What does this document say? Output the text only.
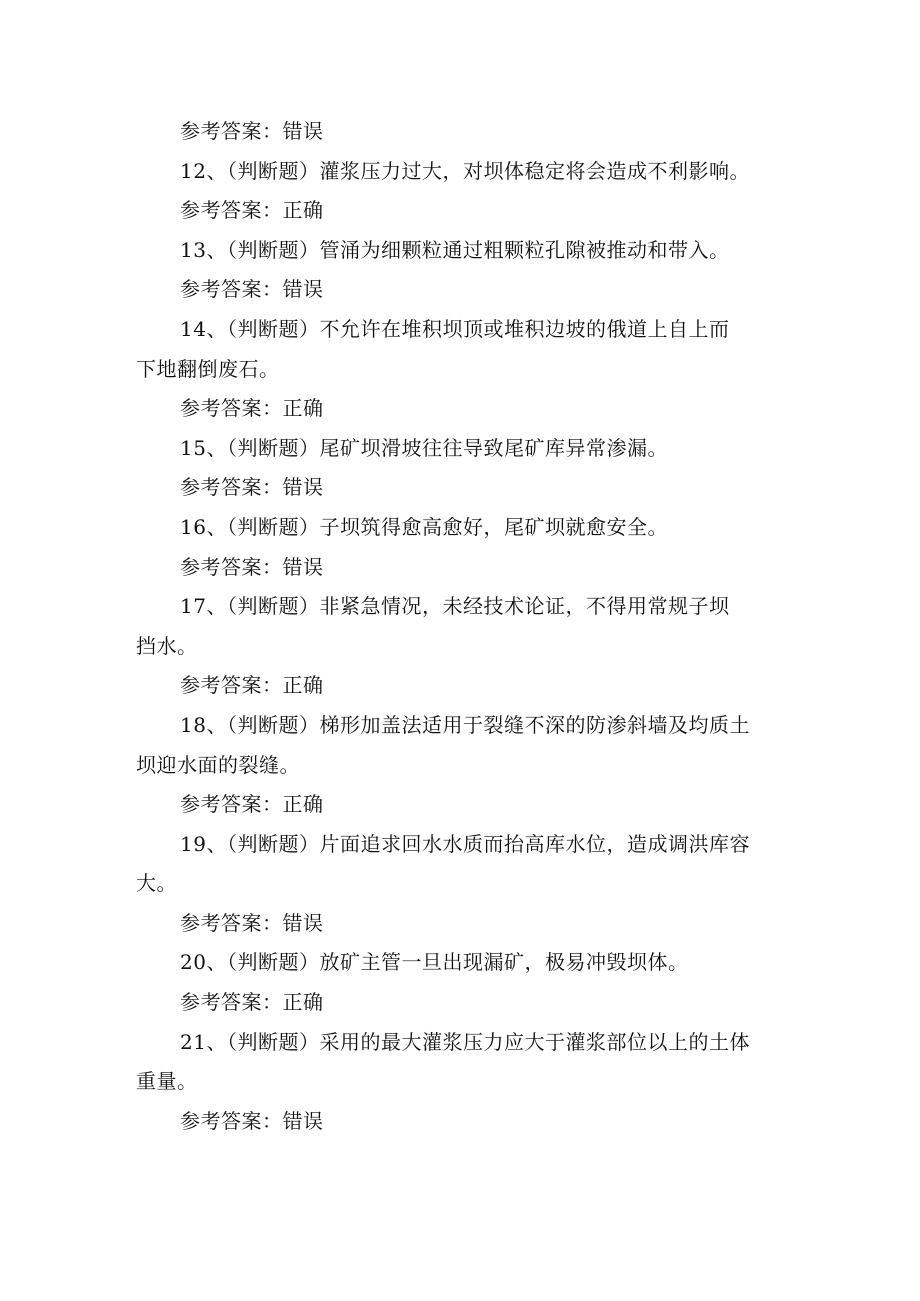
参考答案：错误
12、（判断题）灌浆压力过大，对坝体稳定将会造成不利影响。
参考答案：正确
13、（判断题）管涌为细颗粒通过粗颗粒孔隙被推动和带入。
参考答案：错误
14、（判断题）不允许在堆积坝顶或堆积边坡的俄道上自上而
下地翻倒废石。
参考答案：正确
15、（判断题）尾矿坝滑坡往往导致尾矿库异常渗漏。
参考答案：错误
16、（判断题）子坝筑得愈高愈好，尾矿坝就愈安全。
参考答案：错误
17、（判断题）非紧急情况，未经技术论证，不得用常规子坝
挡水。
参考答案：正确
18、（判断题）梯形加盖法适用于裂缝不深的防渗斜墙及均质土
坝迎水面的裂缝。
参考答案：正确
19、（判断题）片面追求回水水质而抬高库水位，造成调洪库容
大。
参考答案：错误
20、（判断题）放矿主管一旦出现漏矿，极易冲毁坝体。
参考答案：正确
21、（判断题）采用的最大灌浆压力应大于灌浆部位以上的土体
重量。
参考答案：错误
